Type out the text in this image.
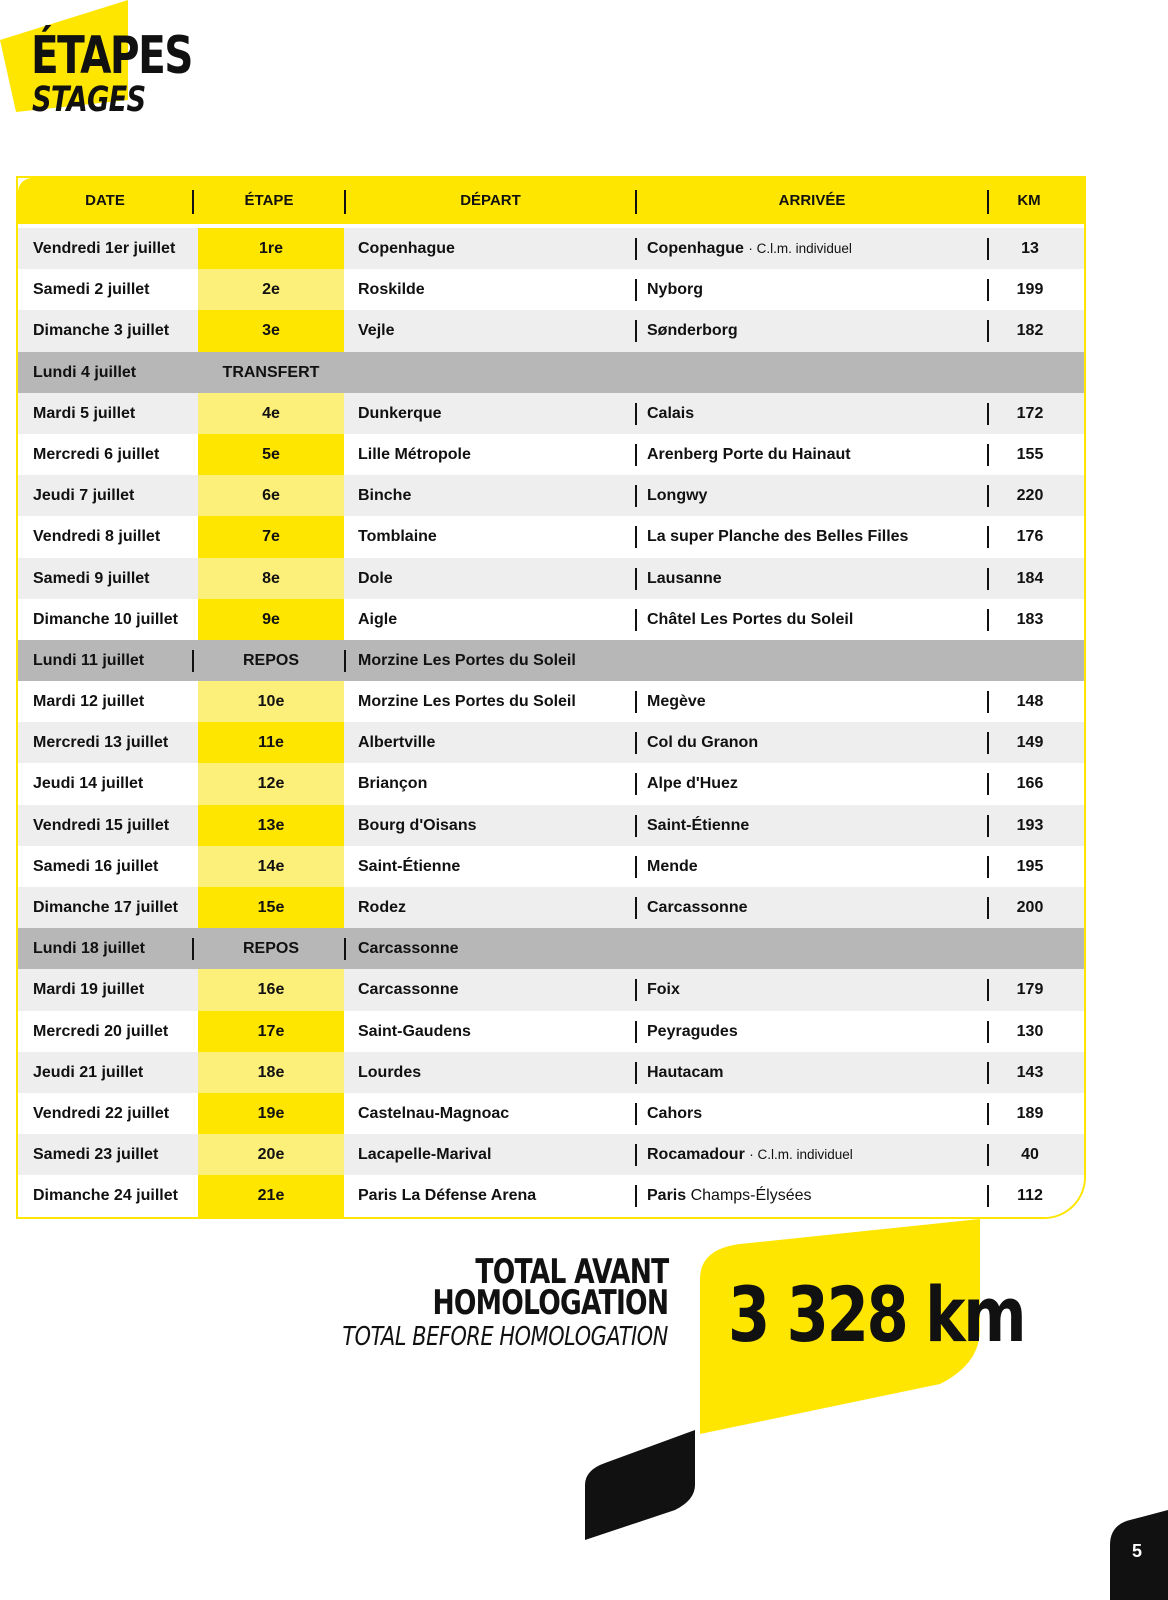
ÉTAPES
STAGES
DATE	ÉTAPE	DÉPART	ARRIVÉE	KM
Vendredi 1er juillet	1re	Copenhague	Copenhague · C.l.m. individuel	13
Samedi 2 juillet	2e	Roskilde	Nyborg	199
Dimanche 3 juillet	3e	Vejle	Sønderborg	182
Lundi 4 juillet	TRANSFERT
Mardi 5 juillet	4e	Dunkerque	Calais	172
Mercredi 6 juillet	5e	Lille Métropole	Arenberg Porte du Hainaut	155
Jeudi 7 juillet	6e	Binche	Longwy	220
Vendredi 8 juillet	7e	Tomblaine	La super Planche des Belles Filles	176
Samedi 9 juillet	8e	Dole	Lausanne	184
Dimanche 10 juillet	9e	Aigle	Châtel Les Portes du Soleil	183
Lundi 11 juillet	REPOS	Morzine Les Portes du Soleil
Mardi 12 juillet	10e	Morzine Les Portes du Soleil	Megève	148
Mercredi 13 juillet	11e	Albertville	Col du Granon	149
Jeudi 14 juillet	12e	Briançon	Alpe d'Huez	166
Vendredi 15 juillet	13e	Bourg d'Oisans	Saint-Étienne	193
Samedi 16 juillet	14e	Saint-Étienne	Mende	195
Dimanche 17 juillet	15e	Rodez	Carcassonne	200
Lundi 18 juillet	REPOS	Carcassonne
Mardi 19 juillet	16e	Carcassonne	Foix	179
Mercredi 20 juillet	17e	Saint-Gaudens	Peyragudes	130
Jeudi 21 juillet	18e	Lourdes	Hautacam	143
Vendredi 22 juillet	19e	Castelnau-Magnoac	Cahors	189
Samedi 23 juillet	20e	Lacapelle-Marival	Rocamadour · C.l.m. individuel	40
Dimanche 24 juillet	21e	Paris La Défense Arena	Paris Champs-Élysées	112

TOTAL AVANT

HOMOLOGATION

TOTAL BEFORE HOMOLOGATION 3 328 km
5
